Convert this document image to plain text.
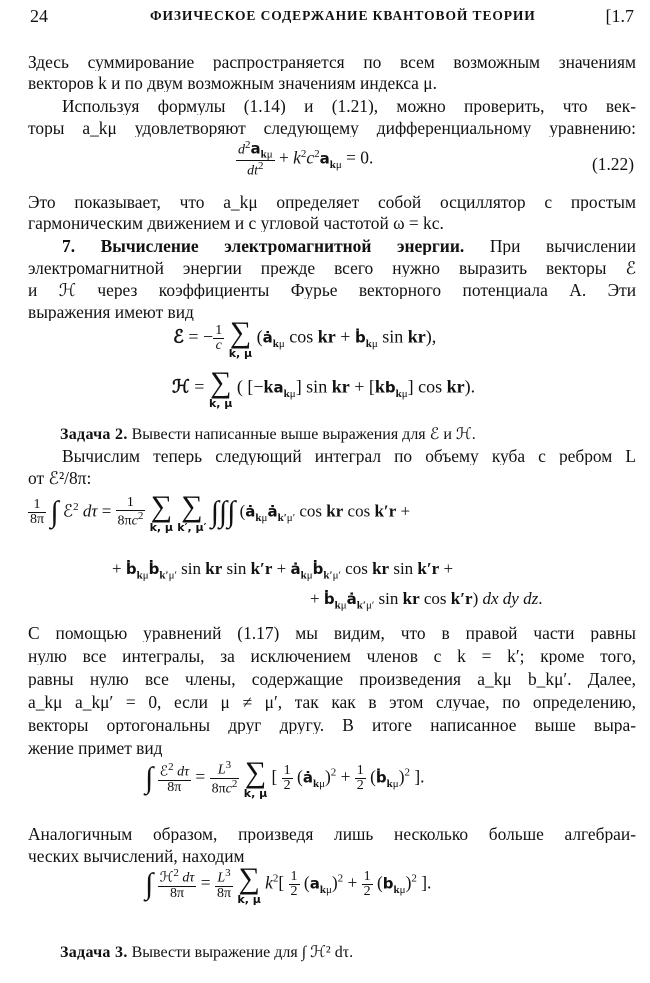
24	ФИЗИЧЕСКОЕ СОДЕРЖАНИЕ КВАНТОВОЙ ТЕОРИИ	[1.7
Здесь суммирование распространяется по всем возможным значениям
векторов k и по двум возможным значениям индекса μ.
Используя формулы (1.14) и (1.21), можно проверить, что век-
торы a_kμ удовлетворяют следующему дифференциальному уравнению:
$\frac{d^2a_{k\mu}}{dt^2} + k^2c^2a_{k\mu} = 0$.	(1.22)
Это показывает, что a_kμ определяет собой осциллятор с простым
гармоническим движением и с угловой частотой ω = kc.
7. Вычисление электромагнитной энергии. При вычислении
электромагнитной энергии прежде всего нужно выразить векторы ℰ
и ℋ через коэффициенты Фурье векторного потенциала A. Эти
выражения имеют вид
ℰ = − $\frac{1}{c}$
∑
k, μ
($ȧ_{k\mu}$ cos kr + ḃ$_{k\mu}$ sin kr),
ℋ = ∑
k, μ
( $[-ka_{k\mu}]$ sin kr + $[kb_{k\mu}]$ cos kr).
Задача 2. Вывести написанные выше выражения для ℰ и ℋ.
Вычислим теперь следующий интеграл по объему куба с ребром L
от ℰ²/8π:
$\frac{1}{8\pi}$ ∫ ℰ$^2$ $d\tau = \frac{1}{8\pi c^2}$
∑
k, μ

∑
k′, μ′ ∫∫∫ ($ȧ_{k\mu}ȧ_{k'\mu'}$ cos kr cos k′r +
+ ḃ$_{k\mu}$ḃ$_{k'\mu'}$ sin kr $\sin k'r + ȧ_{k\mu}ḃ_{k'\mu'}$ cos kr sin k′r +
+ $ḃ_{k\mu}ȧ_{k'\mu'}$ sin kr cos k′r) dx dy dz.
С помощью уравнений (1.17) мы видим, что в правой части равны
нулю все интегралы, за исключением членов с k = k′; кроме того,
равны нулю все члены, содержащие произведения a_kμ b_kμ′. Далее,
a_kμ a_kμ′ = 0, если μ ≠ μ′, так как в этом случае, по определению,
векторы ортогональны друг другу. В итоге написанное выше выра-
жение примет вид
∫ $\frac{ℰ^2 d\tau}{8\pi} = \frac{L^3}{8\pi c^2}$
∑
k, μ
[ $\frac{1}{2}$ $(ȧ_{k\mu})^2 + \frac{1}{2}$ (ḃ$_{k\mu}$)$^2$ ].
Аналогичным образом, произведя лишь несколько больше алгебраи-
ческих вычислений, находим
∫ $\frac{ℋ^2 d\tau}{8\pi} = \frac{L^3}{8\pi}$
∑
k, μ
$k^2[ \frac{1}{2} (a_{k\mu})^2 + \frac{1}{2} (b_{k\mu})^2$ ].
Задача 3. Вывести выражение для ∫ ℋ² dτ.
